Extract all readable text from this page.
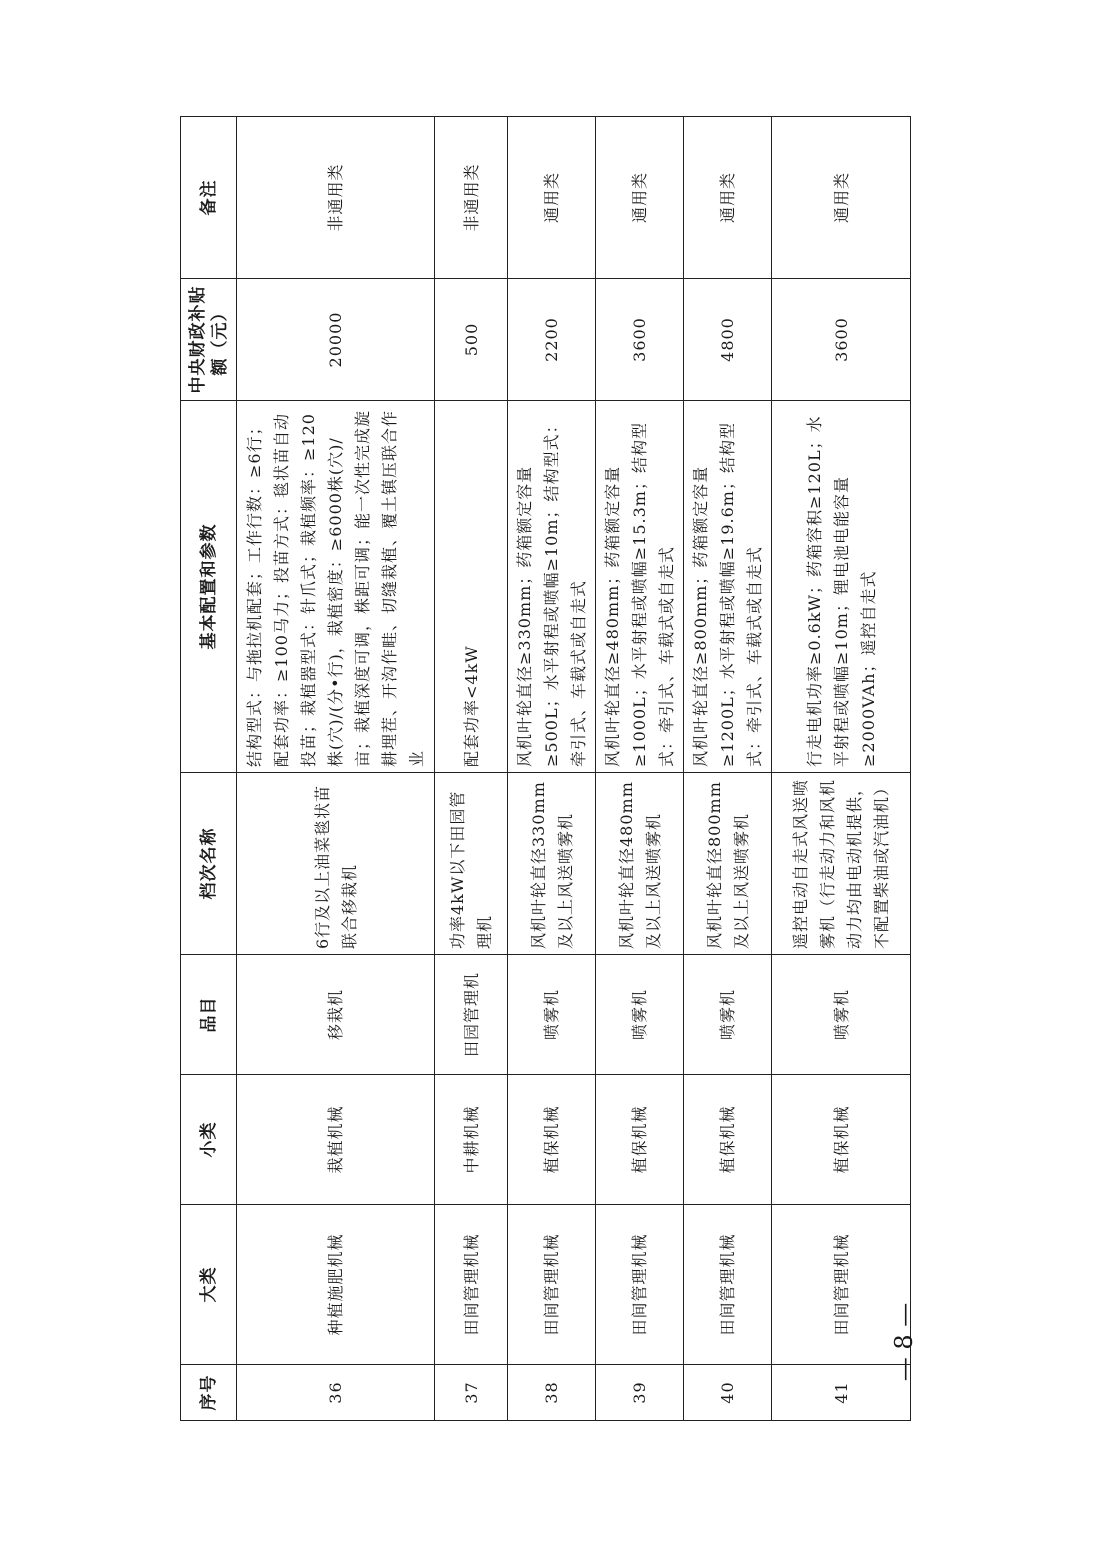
序号	大类	小类	品目	档次名称	基本配置和参数	中央财政补贴额（元）	备注
36	种植施肥机械	栽植机械	移栽机	6行及以上油菜毯状苗联合移栽机	结构型式：与拖拉机配套；工作行数：≥6行；配套功率：≥100马力；投苗方式：毯状苗自动投苗；栽植器型式：针爪式；栽植频率：≥120株(穴)/(分•行)，栽植密度：≥6000株(穴)/亩；栽植深度可调，株距可调；能一次性完成旋耕埋茬、开沟作畦、切缝栽植、覆土镇压联合作业	20000	非通用类
37	田间管理机械	中耕机械	田园管理机	功率4kW以下田园管理机	配套功率<4kW	500	非通用类
38	田间管理机械	植保机械	喷雾机	风机叶轮直径330mm及以上风送喷雾机	风机叶轮直径≥330mm；药箱额定容量≥500L；水平射程或喷幅≥10m；结构型式：牵引式、车载式或自走式	2200	通用类
39	田间管理机械	植保机械	喷雾机	风机叶轮直径480mm及以上风送喷雾机	风机叶轮直径≥480mm；药箱额定容量≥1000L；水平射程或喷幅≥15.3m；结构型式：牵引式、车载式或自走式	3600	通用类
40	田间管理机械	植保机械	喷雾机	风机叶轮直径800mm及以上风送喷雾机	风机叶轮直径≥800mm；药箱额定容量≥1200L；水平射程或喷幅≥19.6m；结构型式：牵引式、车载式或自走式	4800	通用类
41	田间管理机械	植保机械	喷雾机	遥控电动自走式风送喷雾机（行走动力和风机动力均由电动机提供，不配置柴油或汽油机）	行走电机功率≥0.6kW；药箱容积≥120L；水平射程或喷幅≥10m；锂电池电能容量≥2000VAh；遥控自走式	3600	通用类
— 8 —
